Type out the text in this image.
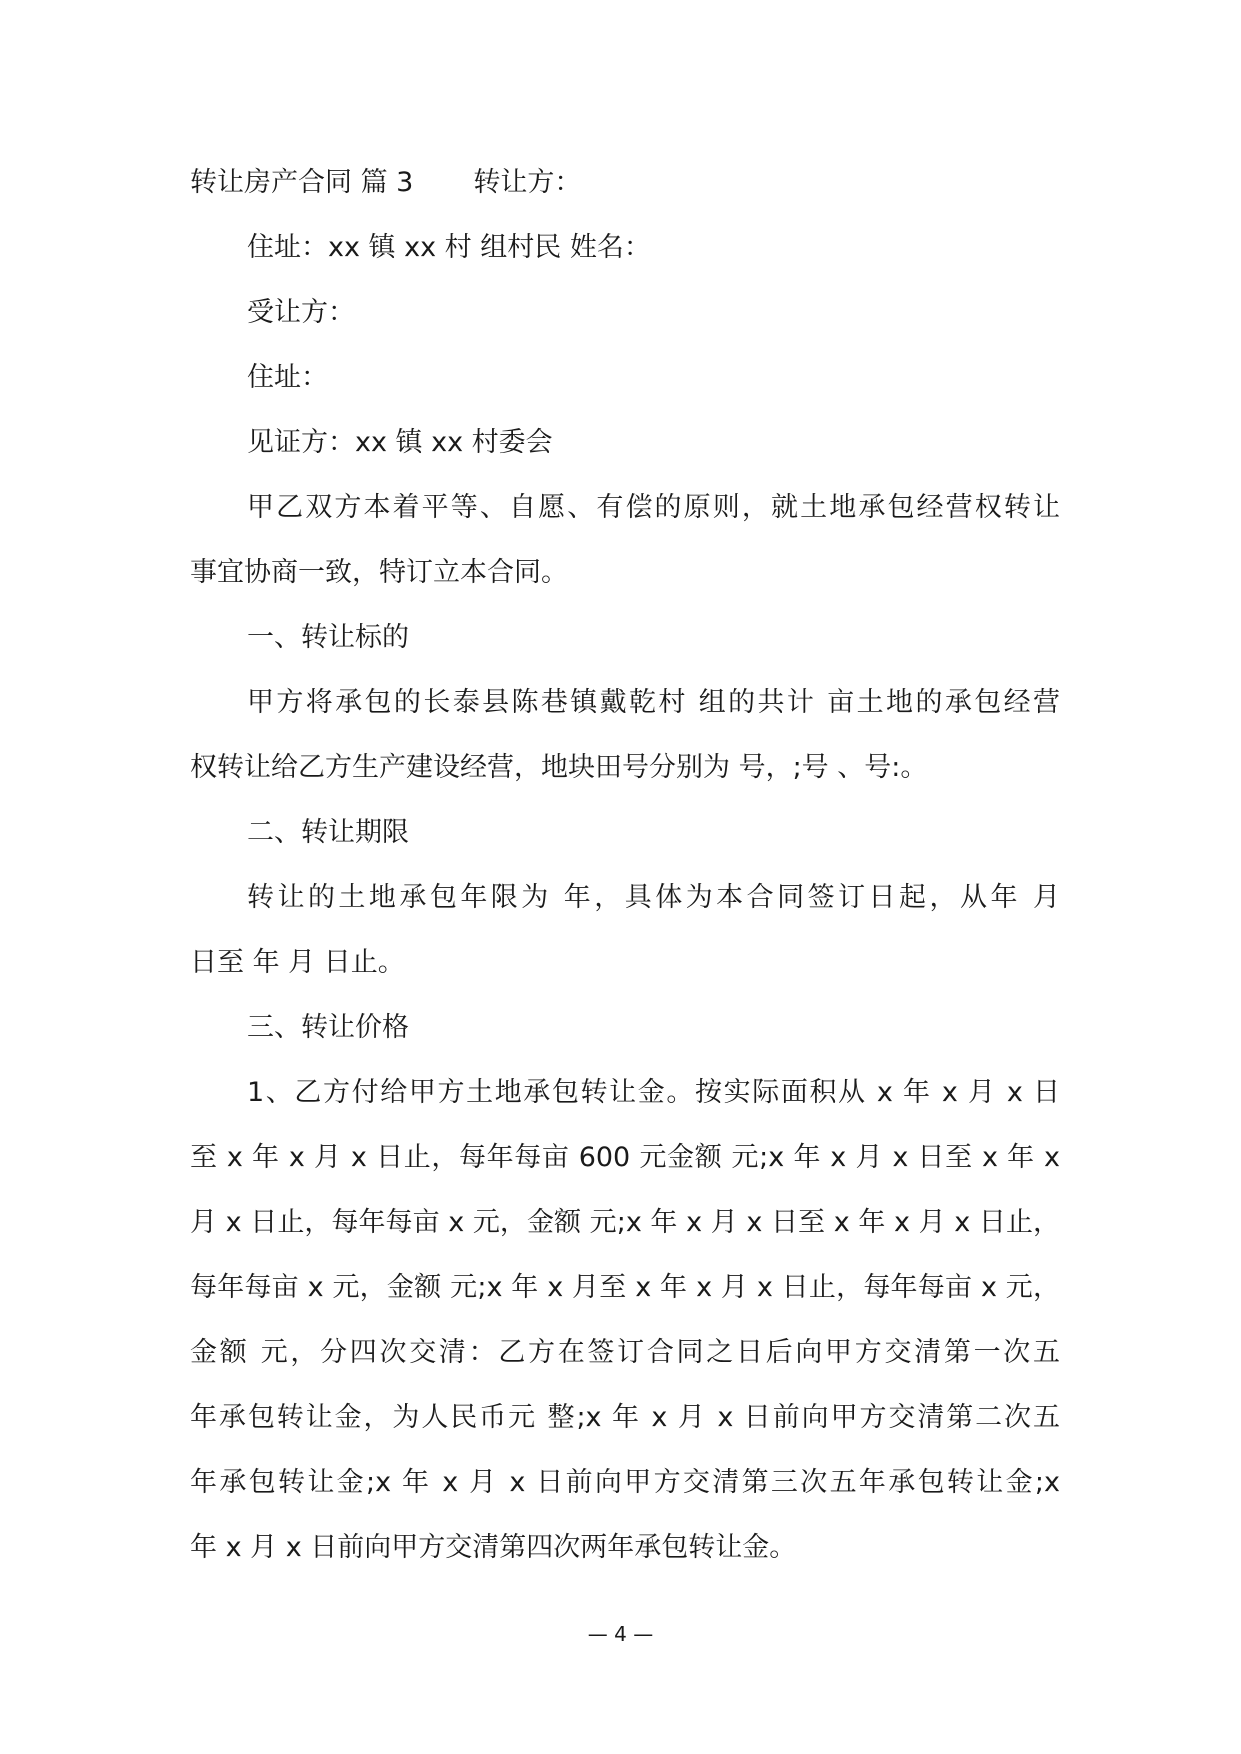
转让房产合同 篇 3 转让方：
住址：xx 镇 xx 村 组村民 姓名：
受让方：
住址：
见证方：xx 镇 xx 村委会
甲乙双方本着平等、自愿、有偿的原则，就土地承包经营权转让
事宜协商一致，特订立本合同。
一、转让标的
甲方将承包的长泰县陈巷镇戴乾村 组的共计 亩土地的承包经营
权转让给乙方生产建设经营，地块田号分别为 号，;号 、号:。
二、转让期限
转让的土地承包年限为 年，具体为本合同签订日起，从年 月
日至 年 月 日止。
三、转让价格
1、乙方付给甲方土地承包转让金。按实际面积从 x 年 x 月 x 日
至 x 年 x 月 x 日止，每年每亩 600 元金额 元;x 年 x 月 x 日至 x 年 x
月 x 日止，每年每亩 x 元，金额 元;x 年 x 月 x 日至 x 年 x 月 x 日止，
每年每亩 x 元，金额 元;x 年 x 月至 x 年 x 月 x 日止，每年每亩 x 元，
金额 元，分四次交清：乙方在签订合同之日后向甲方交清第一次五
年承包转让金，为人民币元 整;x 年 x 月 x 日前向甲方交清第二次五
年承包转让金;x 年 x 月 x 日前向甲方交清第三次五年承包转让金;x
年 x 月 x 日前向甲方交清第四次两年承包转让金。
— 4 —
